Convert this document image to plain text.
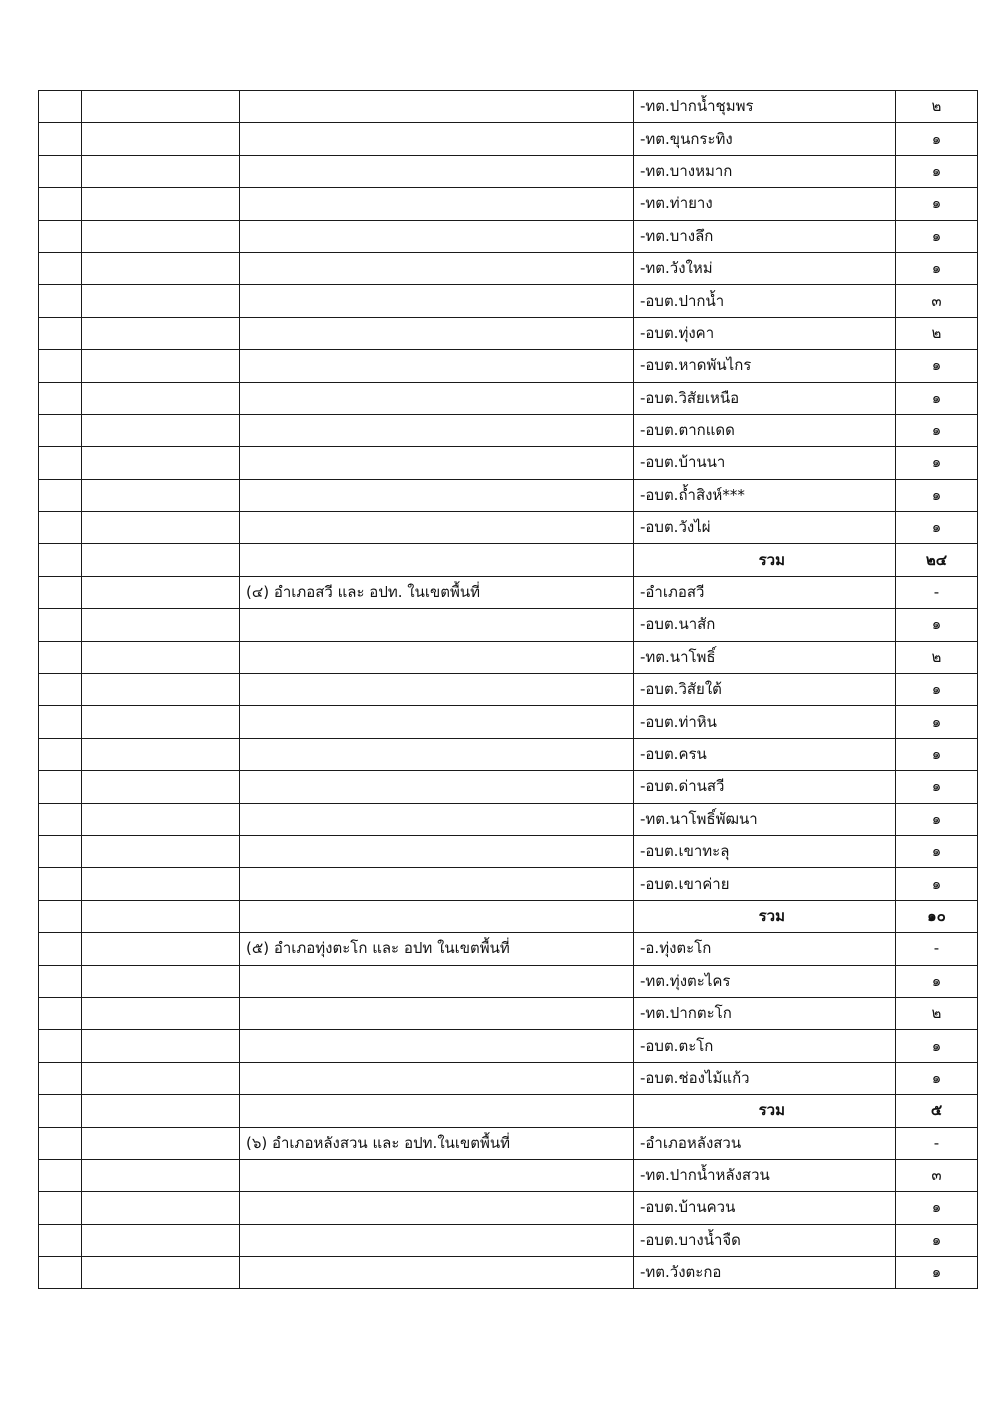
			-ทต.ปากน้ำชุมพร	๒
			-ทต.ขุนกระทิง	๑
			-ทต.บางหมาก	๑
			-ทต.ท่ายาง	๑
			-ทต.บางลึก	๑
			-ทต.วังใหม่	๑
			-อบต.ปากน้ำ	๓
			-อบต.ทุ่งคา	๒
			-อบต.หาดพันไกร	๑
			-อบต.วิสัยเหนือ	๑
			-อบต.ตากแดด	๑
			-อบต.บ้านนา	๑
			-อบต.ถ้ำสิงห์***	๑
			-อบต.วังไผ่	๑
			รวม	๒๔
		(๔) อำเภอสวี และ อปท. ในเขตพื้นที่	-อำเภอสวี	-
			-อบต.นาสัก	๑
			-ทต.นาโพธิ์	๒
			-อบต.วิสัยใต้	๑
			-อบต.ท่าหิน	๑
			-อบต.ครน	๑
			-อบต.ด่านสวี	๑
			-ทต.นาโพธิ์พัฒนา	๑
			-อบต.เขาทะลุ	๑
			-อบต.เขาค่าย	๑
			รวม	๑๐
		(๕) อำเภอทุ่งตะโก และ อปท ในเขตพื้นที่	-อ.ทุ่งตะโก	-
			-ทต.ทุ่งตะไคร	๑
			-ทต.ปากตะโก	๒
			-อบต.ตะโก	๑
			-อบต.ช่องไม้แก้ว	๑
			รวม	๕
		(๖) อำเภอหลังสวน และ อปท.ในเขตพื้นที่	-อำเภอหลังสวน	-
			-ทต.ปากน้ำหลังสวน	๓
			-อบต.บ้านควน	๑
			-อบต.บางน้ำจืด	๑
			-ทต.วังตะกอ	๑
